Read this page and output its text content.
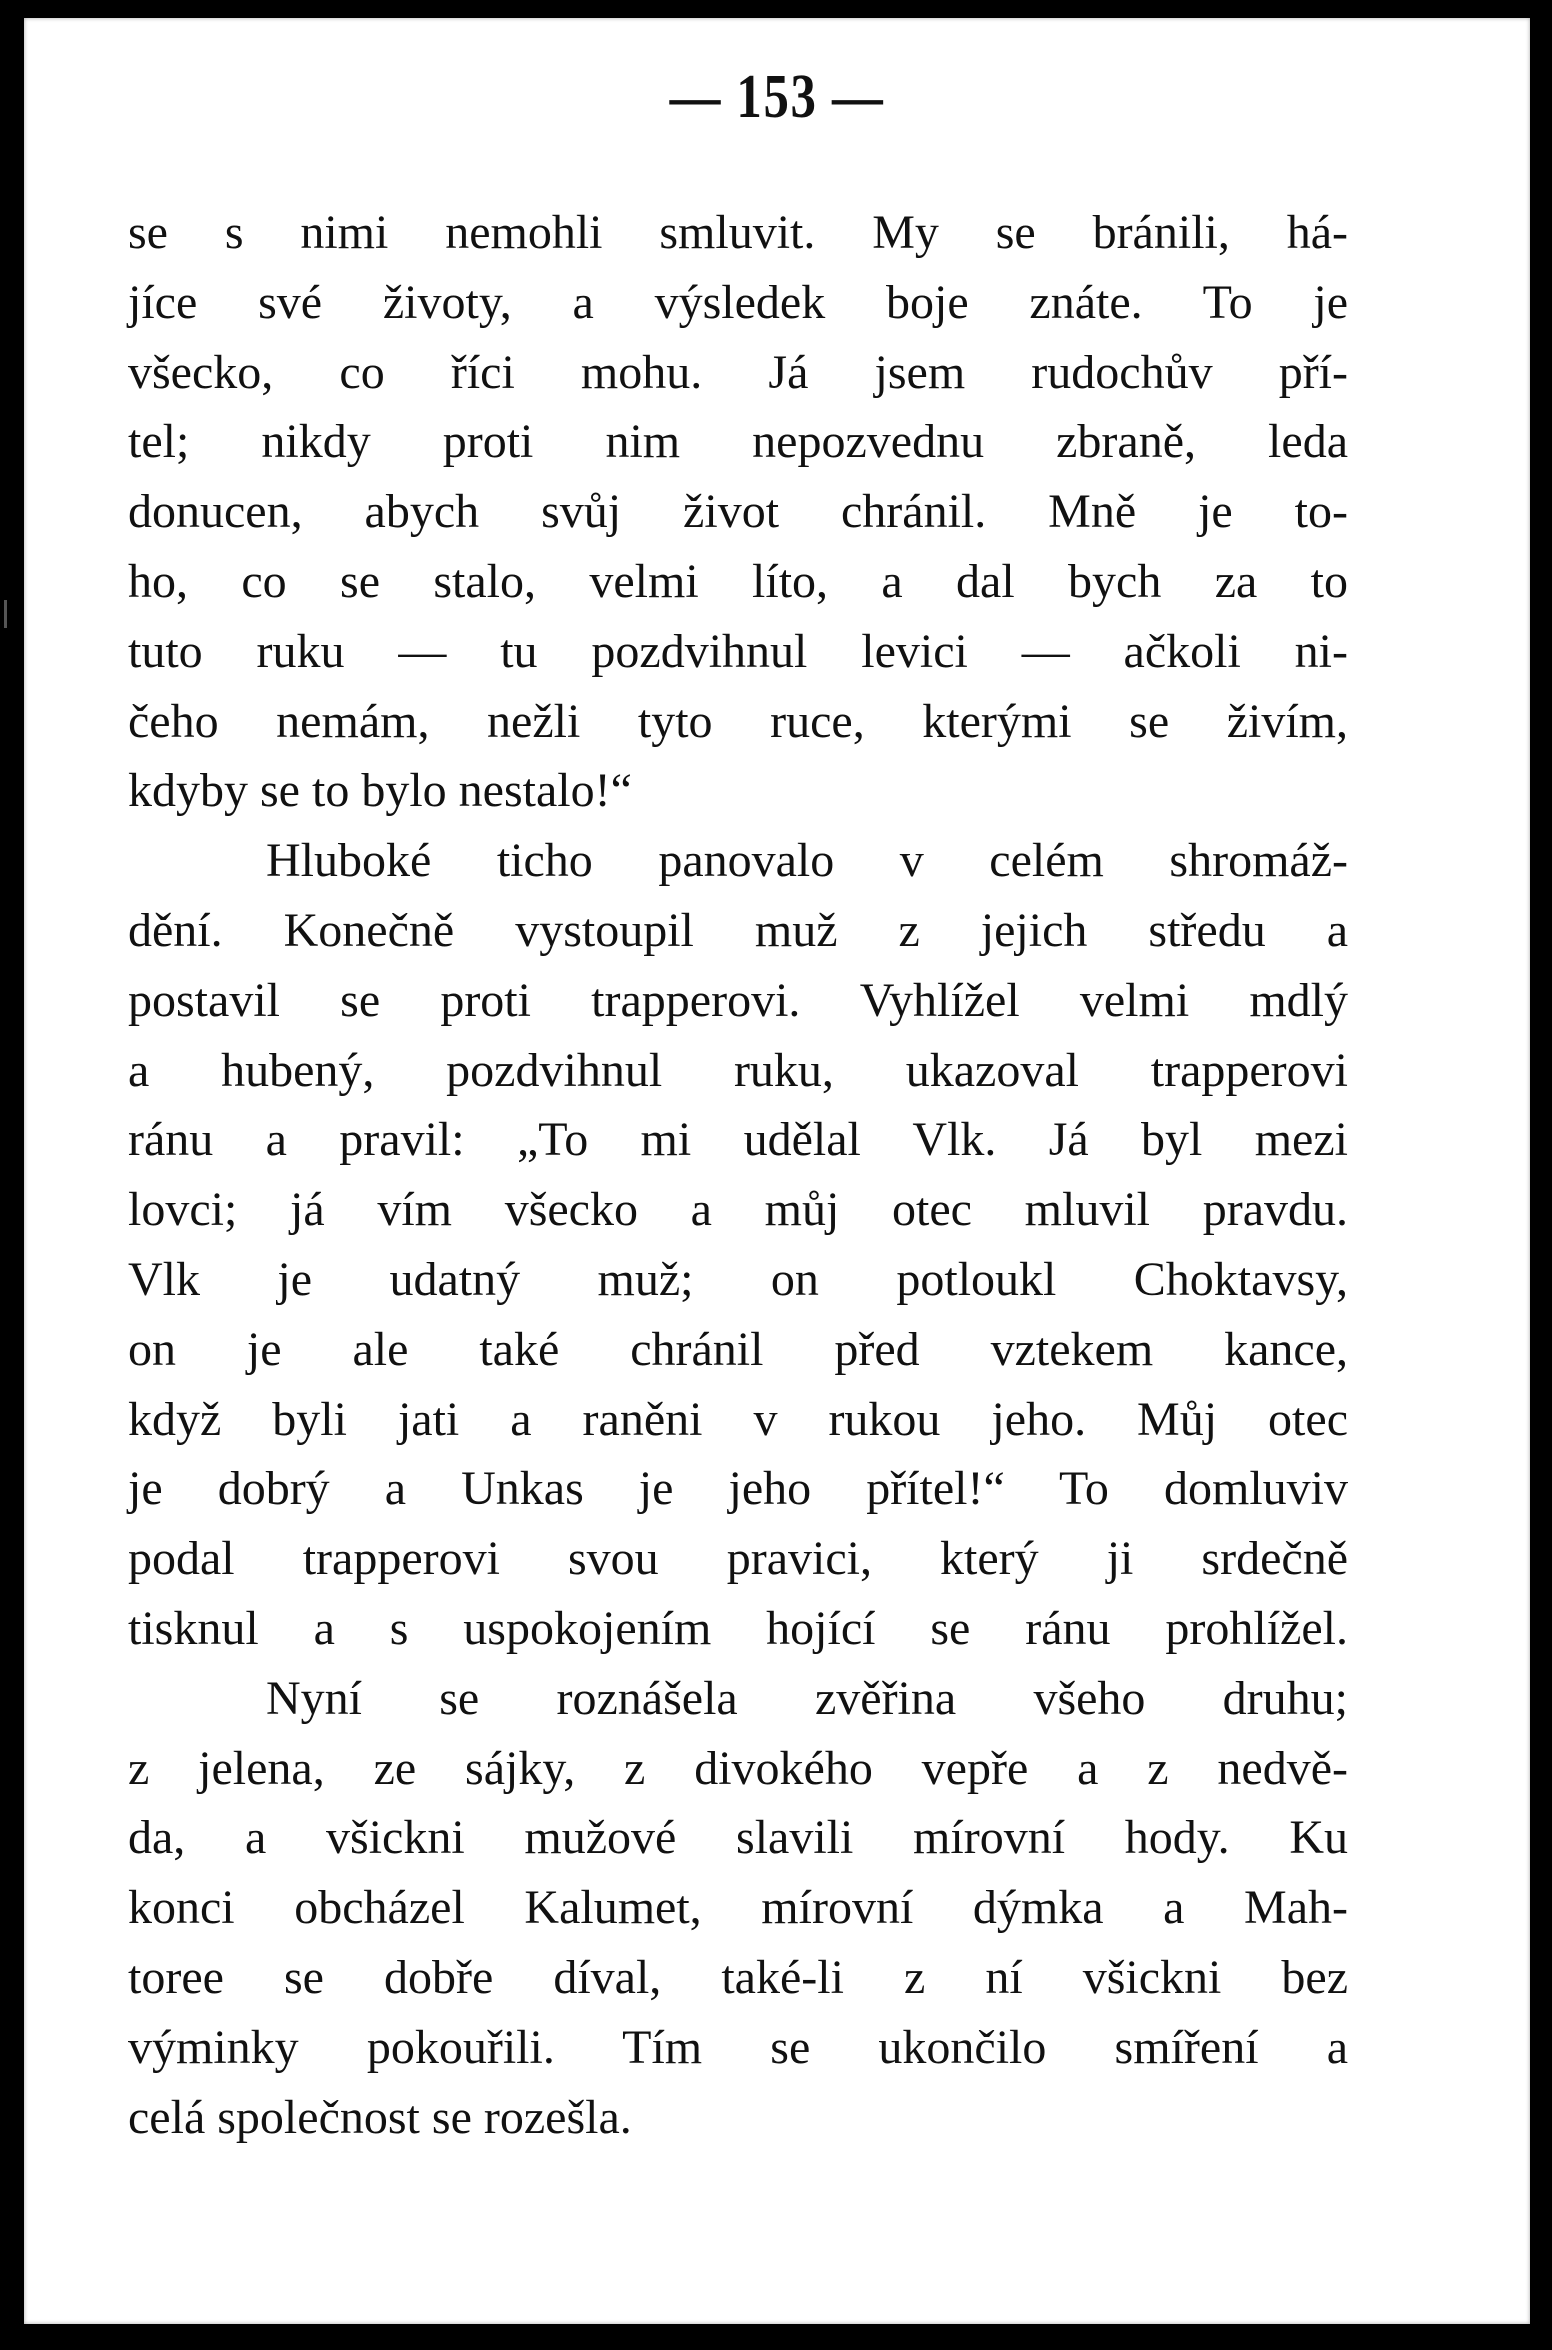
— 153 —
se s nimi nemohli smluvit. My se bránili, há-
jíce své životy, a výsledek boje znáte. To je
všecko, co říci mohu. Já jsem rudochův pří-
tel; nikdy proti nim nepozvednu zbraně, leda
donucen, abych svůj život chránil. Mně je to-
ho, co se stalo, velmi líto, a dal bych za to
tuto ruku — tu pozdvihnul levici — ačkoli ni-
čeho nemám, nežli tyto ruce, kterými se živím,
kdyby se to bylo nestalo!“
Hluboké ticho panovalo v celém shromáž-
dění. Konečně vystoupil muž z jejich středu a
postavil se proti trapperovi. Vyhlížel velmi mdlý
a hubený, pozdvihnul ruku, ukazoval trapperovi
ránu a pravil: „To mi udělal Vlk. Já byl mezi
lovci; já vím všecko a můj otec mluvil pravdu.
Vlk je udatný muž; on potloukl Choktavsy,
on je ale také chránil před vztekem kance,
když byli jati a raněni v rukou jeho. Můj otec
je dobrý a Unkas je jeho přítel!“ To domluviv
podal trapperovi svou pravici, který ji srdečně
tisknul a s uspokojením hojící se ránu prohlížel.
Nyní se roznášela zvěřina všeho druhu;
z jelena, ze sájky, z divokého vepře a z nedvě-
da, a všickni mužové slavili mírovní hody. Ku
konci obcházel Kalumet, mírovní dýmka a Mah-
toree se dobře díval, také-li z ní všickni bez
výminky pokouřili. Tím se ukončilo smíření a
celá společnost se rozešla.
